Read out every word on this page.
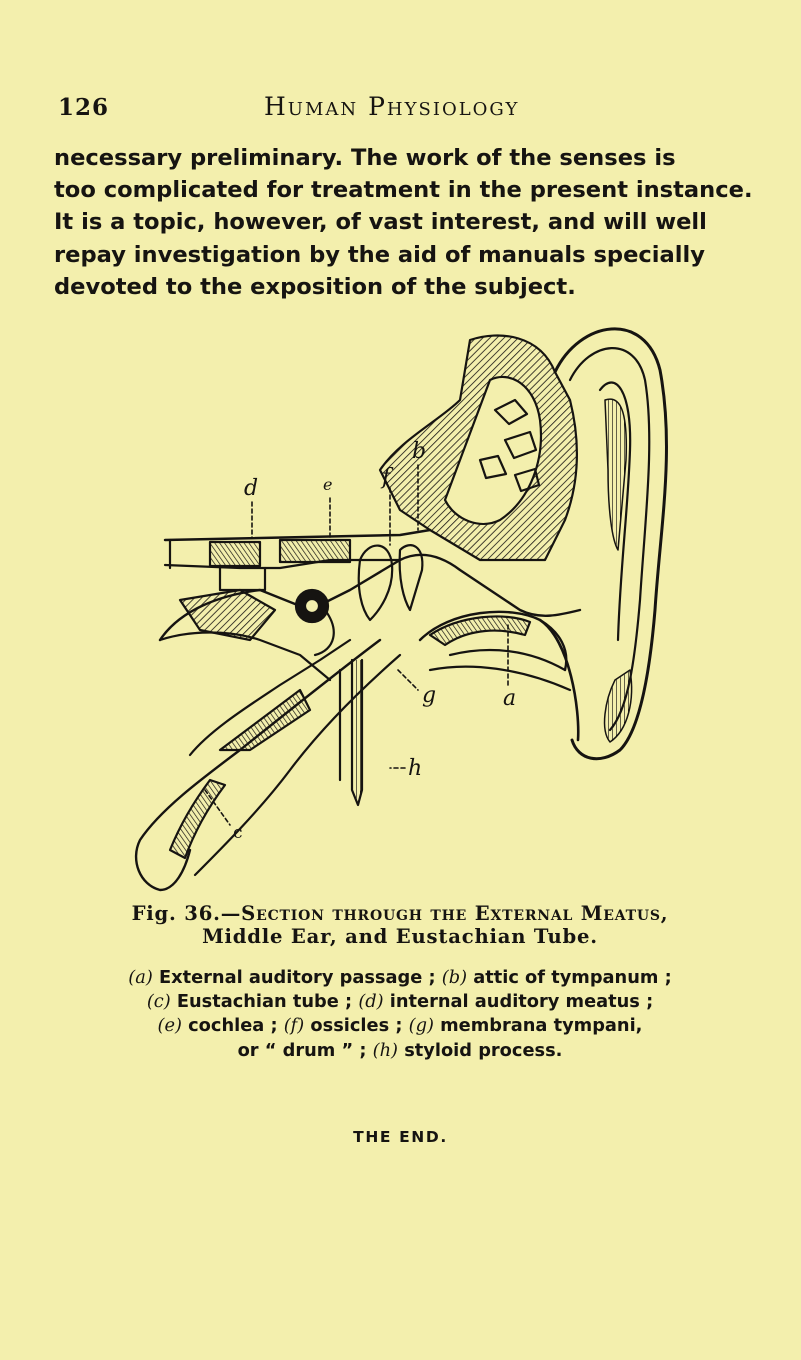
126	Human Physiology
necessary preliminary. The work of the senses is
too complicated for treatment in the present instance.
It is a topic, however, of vast interest, and will well
repay investigation by the aid of manuals specially
devoted to the exposition of the subject.
d	e f
b
g	a
h
c
Fig. 36.—Section through the External Meatus,
Middle Ear, and Eustachian Tube.
(a) External auditory passage ; (b) attic of tympanum ;
(c) Eustachian tube ; (d) internal auditory meatus ;
(e) cochlea ; (f) ossicles ; (g) membrana tympani,
or “ drum ” ; (h) styloid process.
THE END.
